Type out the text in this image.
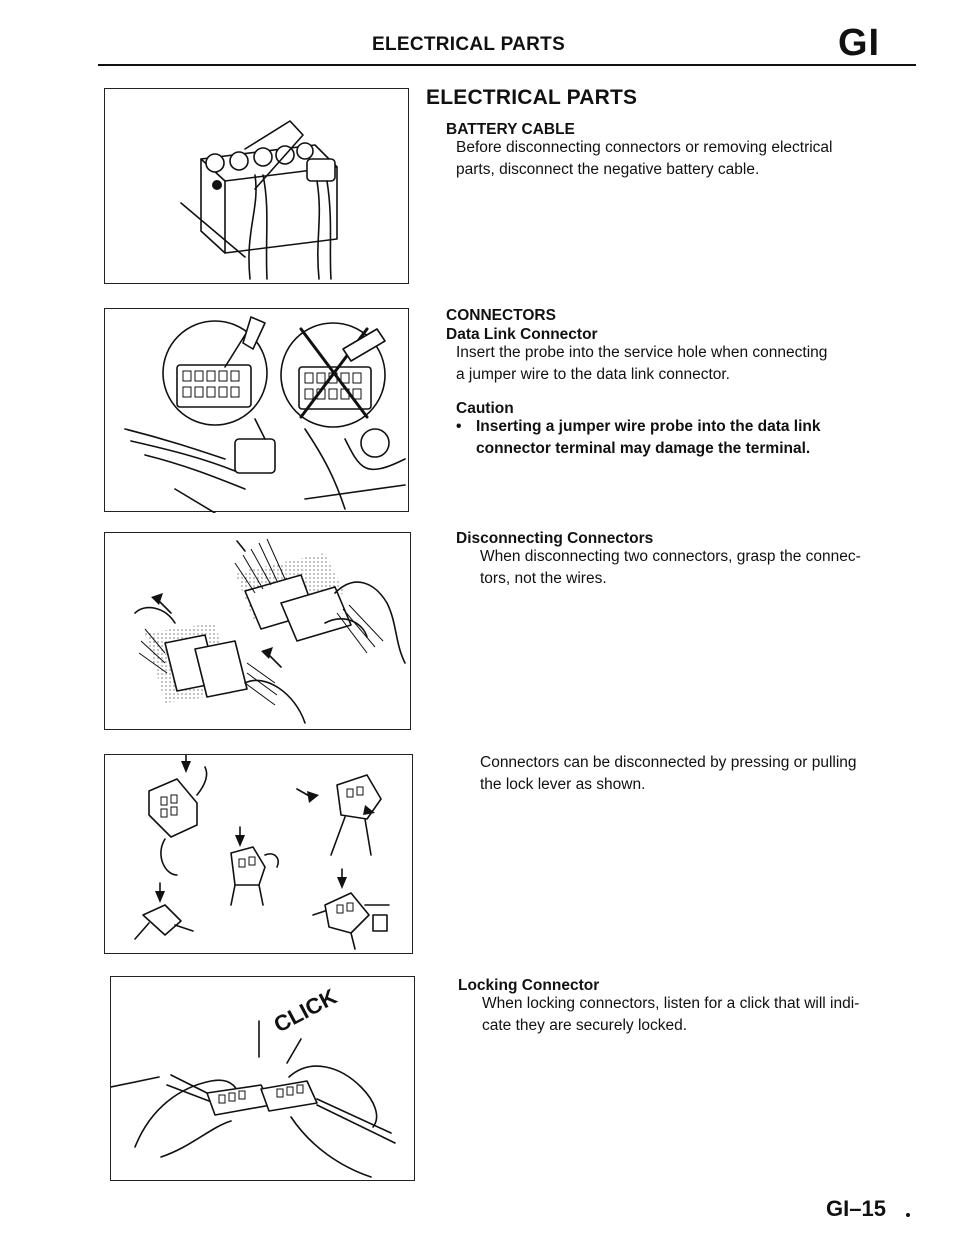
ELECTRICAL PARTS	GI
CLICK
ELECTRICAL PARTS
BATTERY CABLE
Before disconnecting connectors or removing electrical
parts, disconnect the negative battery cable.
CONNECTORS
Data Link Connector
Insert the probe into the service hole when connecting
a jumper wire to the data link connector.
Caution
• Inserting a jumper wire probe into the data link
connector terminal may damage the terminal.
Disconnecting Connectors
When disconnecting two connectors, grasp the connec-
tors, not the wires.
Connectors can be disconnected by pressing or pulling
the lock lever as shown.
Locking Connector
When locking connectors, listen for a click that will indi-
cate they are securely locked.
GI–15
